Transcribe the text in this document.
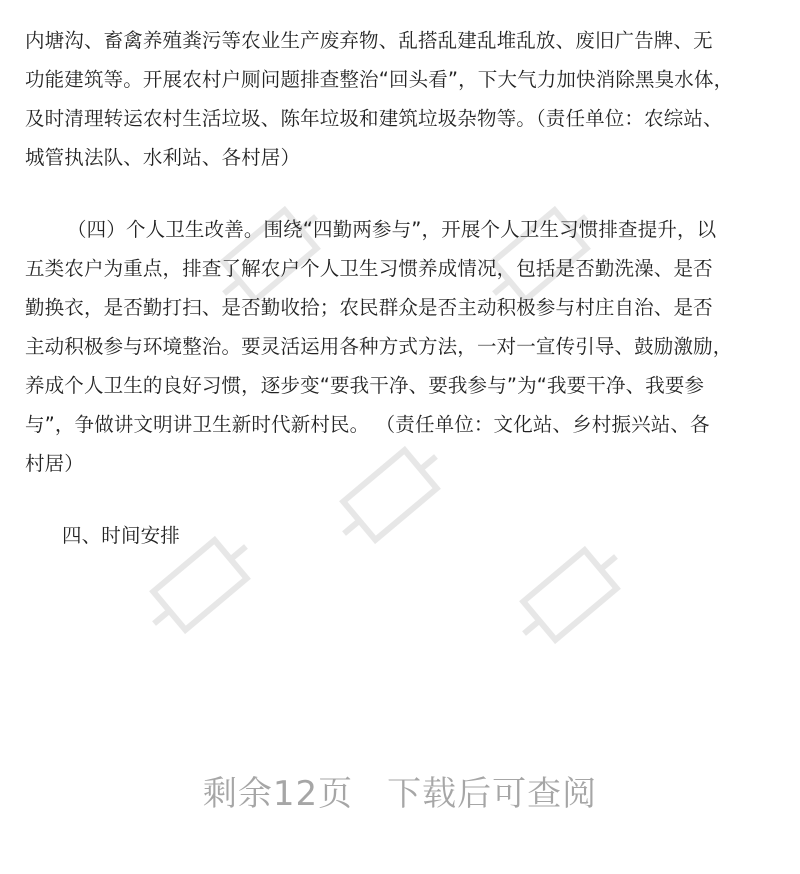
内塘沟、畜禽养殖粪污等农业生产废弃物、乱搭乱建乱堆乱放、废旧广告牌、无
功能建筑等。开展农村户厕问题排查整治“回头看”，下大气力加快消除黑臭水体，
及时清理转运农村生活垃圾、陈年垃圾和建筑垃圾杂物等。（责任单位：农综站、
城管执法队、水利站、各村居）
（四）个人卫生改善。围绕“四勤两参与”，开展个人卫生习惯排查提升，以
五类农户为重点，排查了解农户个人卫生习惯养成情况，包括是否勤洗澡、是否
勤换衣，是否勤打扫、是否勤收拾；农民群众是否主动积极参与村庄自治、是否
主动积极参与环境整治。要灵活运用各种方式方法，一对一宣传引导、鼓励激励，
养成个人卫生的良好习惯，逐步变“要我干净、要我参与”为“我要干净、我要参
与”，争做讲文明讲卫生新时代新村民。 （责任单位：文化站、乡村振兴站、各
村居）
四、时间安排
剩余12页 下载后可查阅
